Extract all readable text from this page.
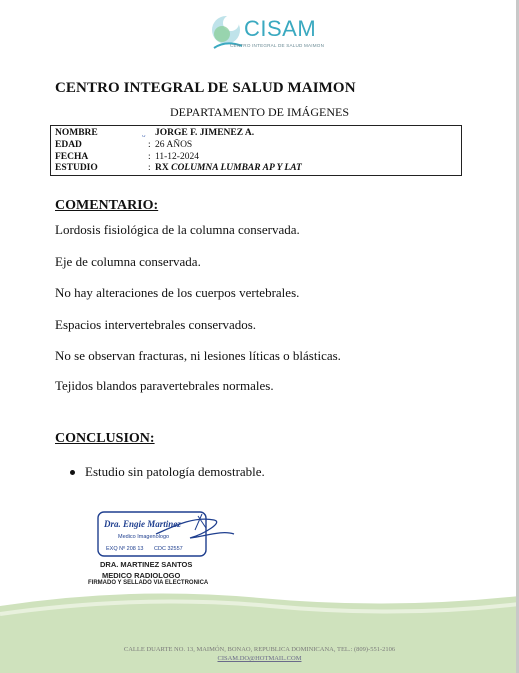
CISAM
CENTRO INTEGRAL DE SALUD MAIMON
CENTRO INTEGRAL DE SALUD MAIMON
DEPARTAMENTO DE IMÁGENES
NOMBRE	ᴗ JORGE F. JIMENEZ A.
EDAD	: 26 AÑOS
FECHA	: 11-12-2024
ESTUDIO	: RX COLUMNA LUMBAR AP Y LAT
COMENTARIO:
Lordosis fisiológica de la columna conservada.
Eje de columna conservada.
No hay alteraciones de los cuerpos vertebrales.
Espacios intervertebrales conservados.
No se observan fracturas, ni lesiones líticas o blásticas.
Tejidos blandos paravertebrales normales.
CONCLUSION:
Estudio sin patología demostrable.
Dra. Engie Martinez
Medico Imagenologo
EXQ Nº 208 13 CDC 32557
DRA. MARTINEZ SANTOS
MEDICO RADIOLOGO
FIRMADO Y SELLADO VIA ELECTRONICA
CALLE DUARTE NO. 13, MAIMÓN, BONAO, REPUBLICA DOMINICANA, TEL.: (809)-551-2106
CISAM.DO@HOTMAIL.COM
